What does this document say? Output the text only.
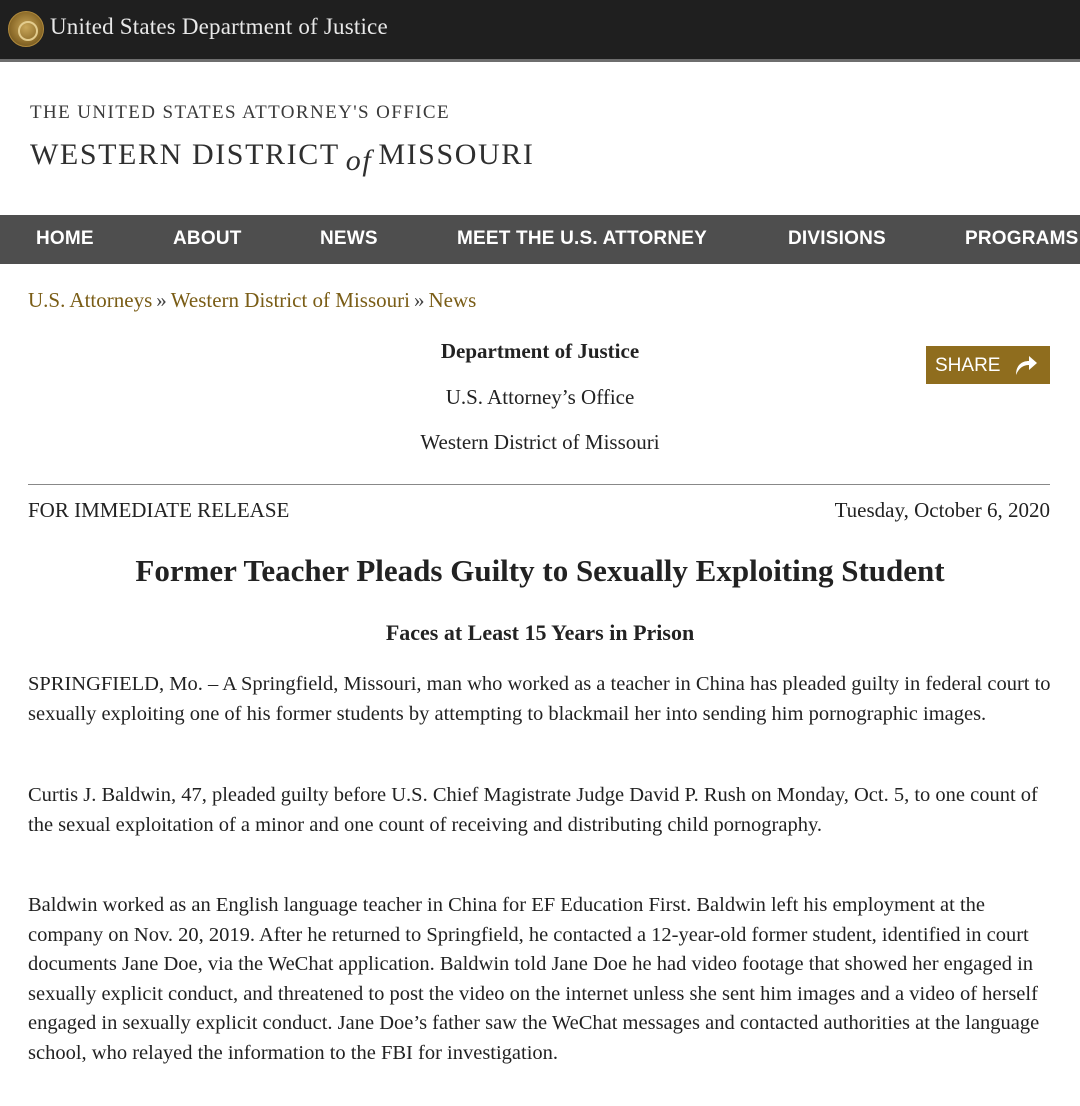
United States Department of Justice
THE UNITED STATES ATTORNEY'S OFFICE
WESTERN DISTRICT of MISSOURI
HOME	ABOUT	NEWS	MEET THE U.S. ATTORNEY	DIVISIONS	PROGRAMS
U.S. Attorneys » Western District of Missouri » News
Department of Justice
U.S. Attorney’s Office
Western District of Missouri
SHARE
FOR IMMEDIATE RELEASE	Tuesday, October 6, 2020
Former Teacher Pleads Guilty to Sexually Exploiting Student
Faces at Least 15 Years in Prison

SPRINGFIELD, Mo. – A Springfield, Missouri, man who worked as a teacher in China has pleaded guilty in federal court to sexually exploiting one of his former students by attempting to blackmail her into sending him pornographic images.

Curtis J. Baldwin, 47, pleaded guilty before U.S. Chief Magistrate Judge David P. Rush on Monday, Oct. 5, to one count of the sexual exploitation of a minor and one count of receiving and distributing child pornography.

Baldwin worked as an English language teacher in China for EF Education First. Baldwin left his employment at the company on Nov. 20, 2019. After he returned to Springfield, he contacted a 12-year-old former student, identified in court documents Jane Doe, via the WeChat application. Baldwin told Jane Doe he had video footage that showed her engaged in sexually explicit conduct, and threatened to post the video on the internet unless she sent him images and a video of herself engaged in sexually explicit conduct. Jane Doe’s father saw the WeChat messages and contacted authorities at the language school, who relayed the information to the FBI for investigation.
